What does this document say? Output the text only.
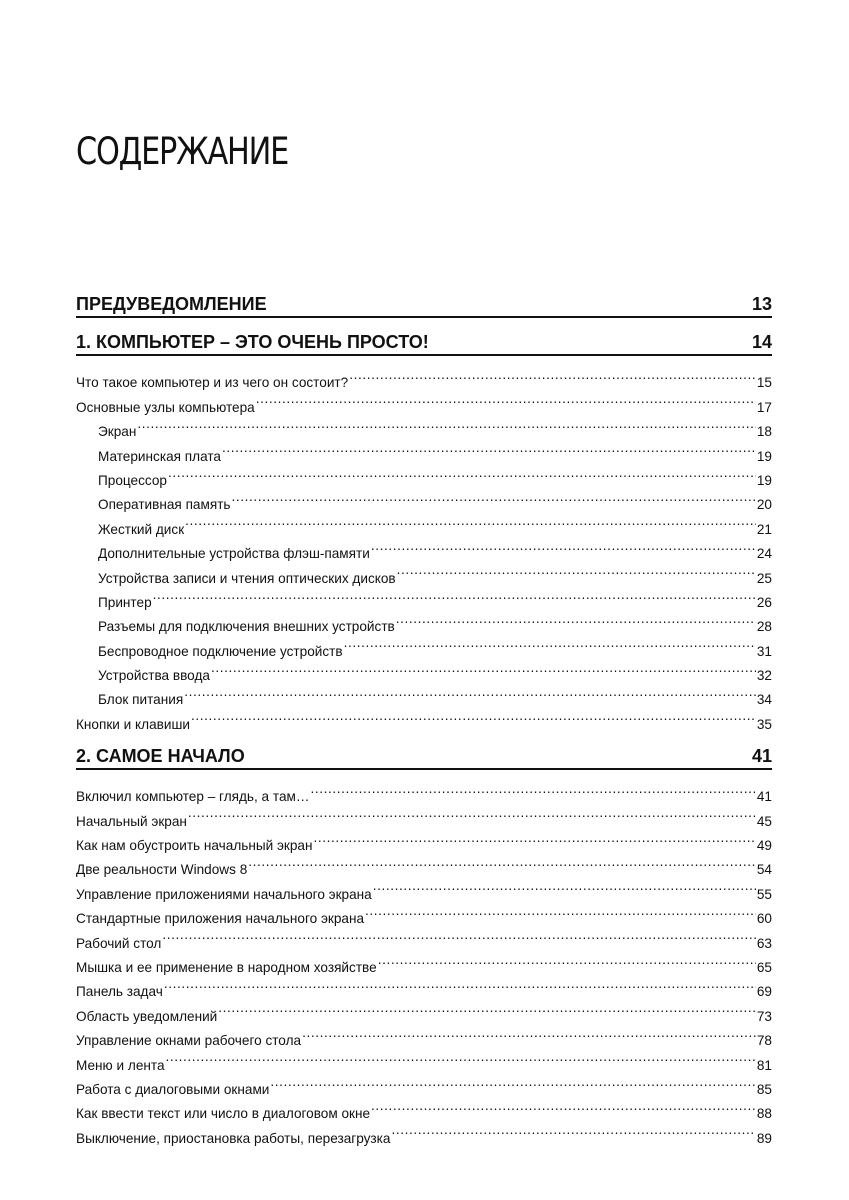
СОДЕРЖАНИЕ
ПРЕДУВЕДОМЛЕНИЕ	13
1. КОМПЬЮТЕР – ЭТО ОЧЕНЬ ПРОСТО!	14
Что такое компьютер и из чего он состоит? .....	15
Основные узлы компьютера .....	17
Экран .....	18
Материнская плата .....	19
Процессор .....	19
Оперативная память .....	20
Жесткий диск .....	21
Дополнительные устройства флэш-памяти .....	24
Устройства записи и чтения оптических дисков .....	25
Принтер .....	26
Разъемы для подключения внешних устройств .....	28
Беспроводное подключение устройств .....	31
Устройства ввода .....	32
Блок питания .....	34
Кнопки и клавиши .....	35
2. САМОЕ НАЧАЛО	41
Включил компьютер – глядь, а там… .....	41
Начальный экран .....	45
Как нам обустроить начальный экран .....	49
Две реальности Windows 8 .....	54
Управление приложениями начального экрана .....	55
Стандартные приложения начального экрана .....	60
Рабочий стол .....	63
Мышка и ее применение в народном хозяйстве .....	65
Панель задач .....	69
Область уведомлений .....	73
Управление окнами рабочего стола .....	78
Меню и лента .....	81
Работа с диалоговыми окнами .....	85
Как ввести текст или число в диалоговом окне .....	88
Выключение, приостановка работы, перезагрузка .....	89
